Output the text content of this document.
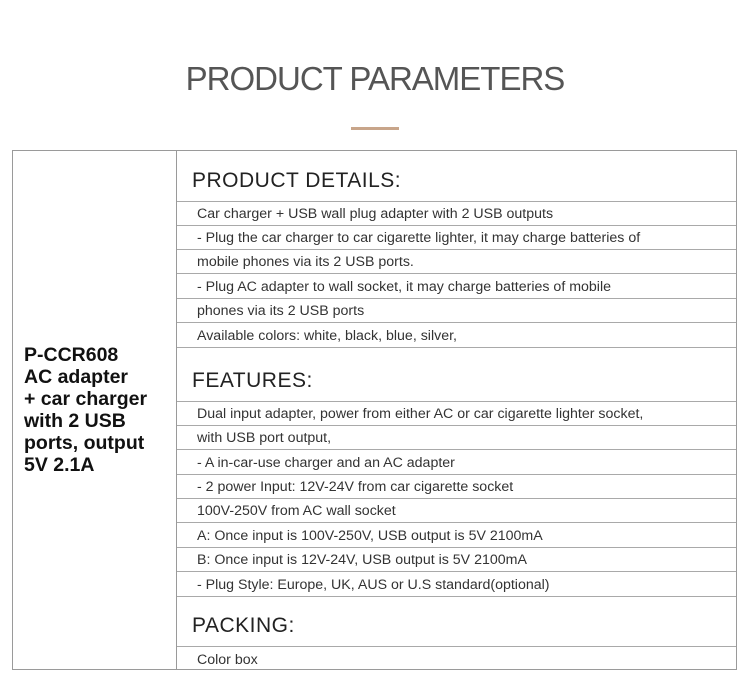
PRODUCT PARAMETERS

P-CCR608
AC adapter
+ car charger
with 2 USB
ports, output
5V 2.1A

PRODUCT DETAILS:
Car charger + USB wall plug adapter with 2 USB outputs
- Plug the car charger to car cigarette lighter, it may charge batteries of
mobile phones via its 2 USB ports.
- Plug AC adapter to wall socket, it may charge batteries of mobile
phones via its 2 USB ports
Available colors: white, black, blue, silver,
FEATURES:
Dual input adapter, power from either AC or car cigarette lighter socket,
with USB port output,
- A in-car-use charger and an AC adapter
- 2 power Input: 12V-24V from car cigarette socket
100V-250V from AC wall socket
A: Once input is 100V-250V, USB output is 5V 2100mA
B: Once input is 12V-24V, USB output is 5V 2100mA
- Plug Style: Europe, UK, AUS or U.S standard(optional)
PACKING:
Color box
